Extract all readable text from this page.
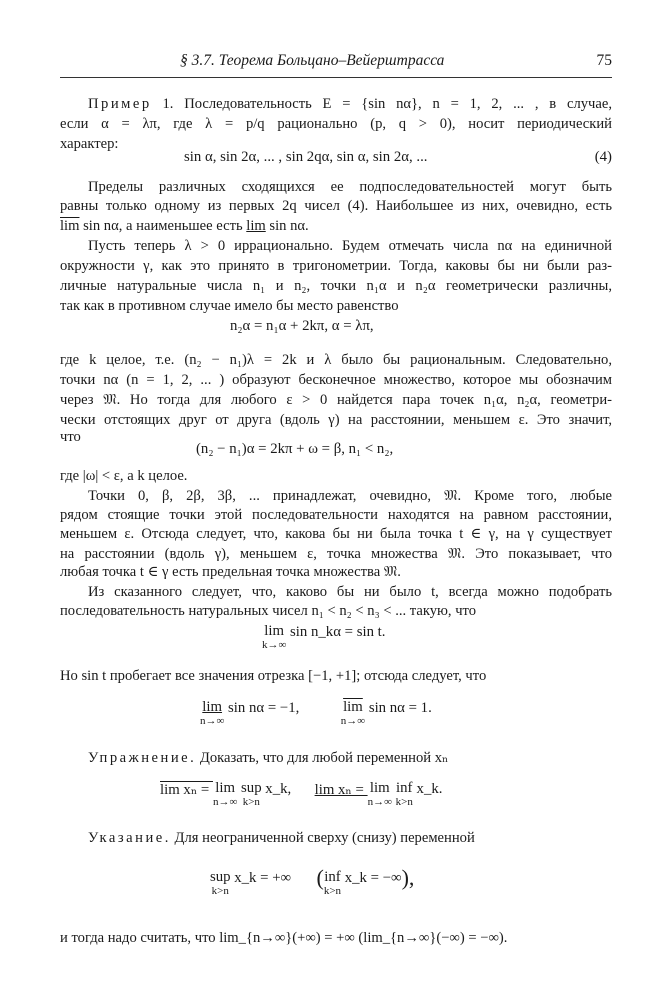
§ 3.7. Теорема Больцано–Вейерштрасса	75
Пример 1. Последовательность E = {sin nα}, n = 1, 2, ... , в случае,
если α = λπ, где λ = p/q рационально (p, q > 0), носит периодический
характер:
sin α, sin 2α, ... , sin 2qα, sin α, sin 2α, ...	(4)
Пределы различных сходящихся ее подпоследовательностей могут быть
равны только одному из первых 2q чисел (4). Наибольшее из них, очевидно, есть
$\overline{lim}$ sin nα, а наименьшее есть lim sin nα.
Пусть теперь λ > 0 иррационально. Будем отмечать числа nα на единичной
окружности γ, как это принято в тригонометрии. Тогда, каковы бы ни были раз-
личные натуральные числа n₁ и n₂, точки n₁α и n₂α геометрически различны,
так как в противном случае имело бы место равенство
n₂α = n₁α + 2kπ, α = λπ,
где k целое, т.е. (n₂ − n₁)λ = 2k и λ было бы рациональным. Следовательно,
точки nα (n = 1, 2, ... ) образуют бесконечное множество, которое мы обозначим
через 𝔐. Но тогда для любого ε > 0 найдется пара точек n₁α, n₂α, геометри-
чески отстоящих друг от друга (вдоль γ) на расстоянии, меньшем ε. Это значит,
что
(n₂ − n₁)α = 2kπ + ω = β, n₁ < n₂,
где |ω| < ε, а k целое.
Точки 0, β, 2β, 3β, ... принадлежат, очевидно, 𝔐. Кроме того, любые
рядом стоящие точки этой последовательности находятся на равном расстоянии,
меньшем ε. Отсюда следует, что, какова бы ни была точка t ∈ γ, на γ существует
на расстоянии (вдоль γ), меньшем ε, точка множества 𝔐. Это показывает, что
любая точка t ∈ γ есть предельная точка множества 𝔐.
Из сказанного следует, что, каково бы ни было t, всегда можно подобрать
последовательность натуральных чисел n₁ < n₂ < n₃ < ... такую, что
lim
k→∞
sin n_kα = sin t.
Но sin t пробегает все значения отрезка [−1, +1]; отсюда следует, что
lim
n→∞
sin nα = −1,	$\overline{lim}$
n→∞
sin nα = 1.
Упражнение. Доказать, что для любой переменной xₙ
lim xₙ = lim
n→∞
sup
k>n
x_k, lim xₙ = lim
n→∞
inf
k>n
x_k.
Указание. Для неограниченной сверху (снизу) переменной
sup
k>n
x_k = +∞ (inf
k>n
x_k = −∞),
и тогда надо считать, что lim_{n→∞}(+∞) = +∞ (lim_{n→∞}(−∞) = −∞).
